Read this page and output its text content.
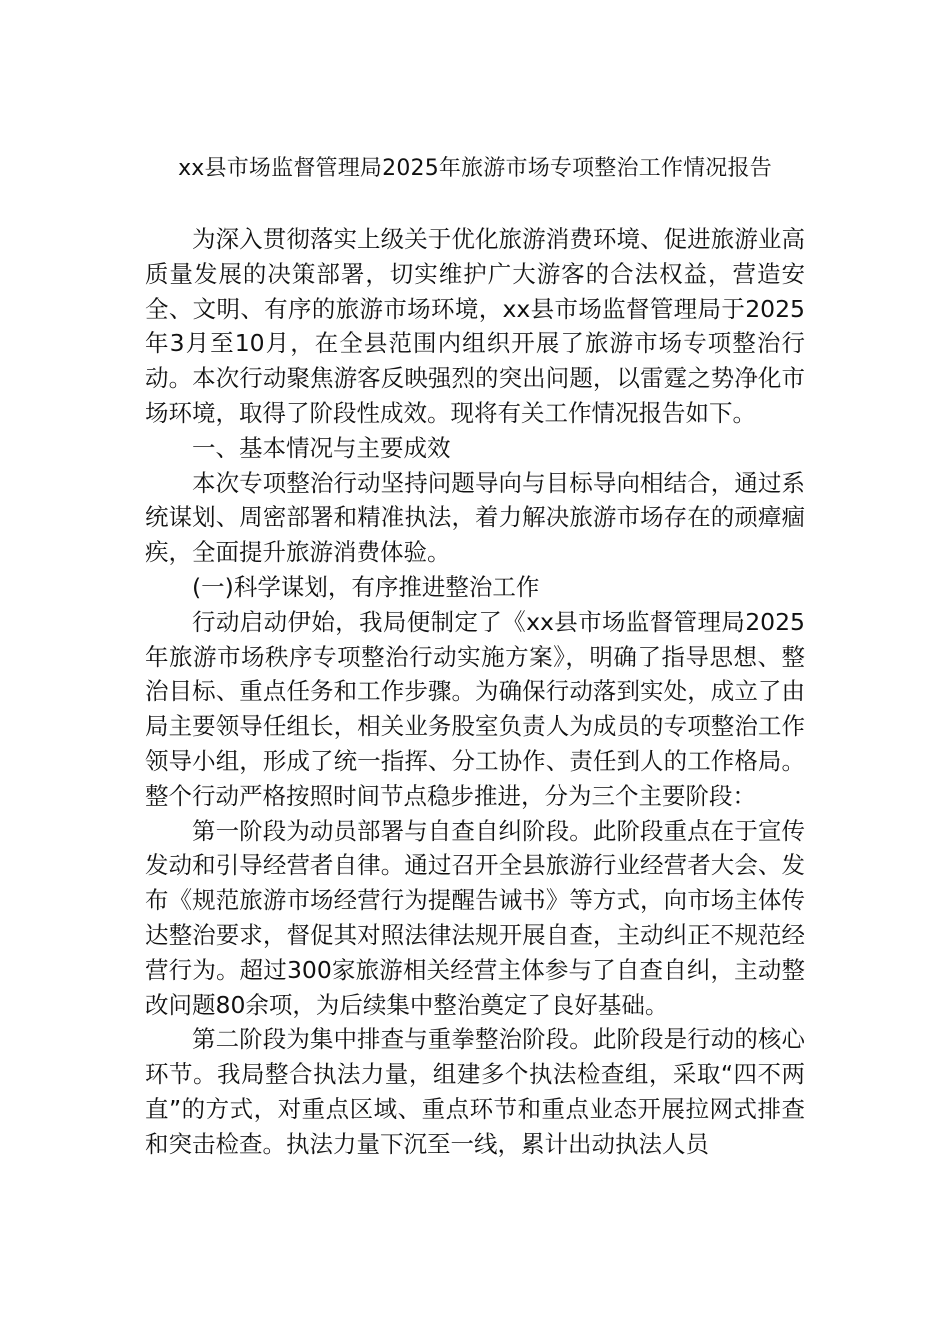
xx县市场监督管理局2025年旅游市场专项整治工作情况报告

为深入贯彻落实上级关于优化旅游消费环境、促进旅游业高质量发展的决策部署，切实维护广大游客的合法权益，营造安全、文明、有序的旅游市场环境，xx县市场监督管理局于2025年3月至10月，在全县范围内组织开展了旅游市场专项整治行动。本次行动聚焦游客反映强烈的突出问题，以雷霆之势净化市场环境，取得了阶段性成效。现将有关工作情况报告如下。

一、基本情况与主要成效

本次专项整治行动坚持问题导向与目标导向相结合，通过系统谋划、周密部署和精准执法，着力解决旅游市场存在的顽瘴痼疾，全面提升旅游消费体验。

(一)科学谋划，有序推进整治工作

行动启动伊始，我局便制定了《xx县市场监督管理局2025年旅游市场秩序专项整治行动实施方案》，明确了指导思想、整治目标、重点任务和工作步骤。为确保行动落到实处，成立了由局主要领导任组长，相关业务股室负责人为成员的专项整治工作领导小组，形成了统一指挥、分工协作、责任到人的工作格局。整个行动严格按照时间节点稳步推进，分为三个主要阶段：

第一阶段为动员部署与自查自纠阶段。此阶段重点在于宣传发动和引导经营者自律。通过召开全县旅游行业经营者大会、发布《规范旅游市场经营行为提醒告诫书》等方式，向市场主体传达整治要求，督促其对照法律法规开展自查，主动纠正不规范经营行为。超过300家旅游相关经营主体参与了自查自纠，主动整改问题80余项，为后续集中整治奠定了良好基础。

第二阶段为集中排查与重拳整治阶段。此阶段是行动的核心环节。我局整合执法力量，组建多个执法检查组，采取“四不两直”的方式，对重点区域、重点环节和重点业态开展拉网式排查和突击检查。执法力量下沉至一线，累计出动执法人员
